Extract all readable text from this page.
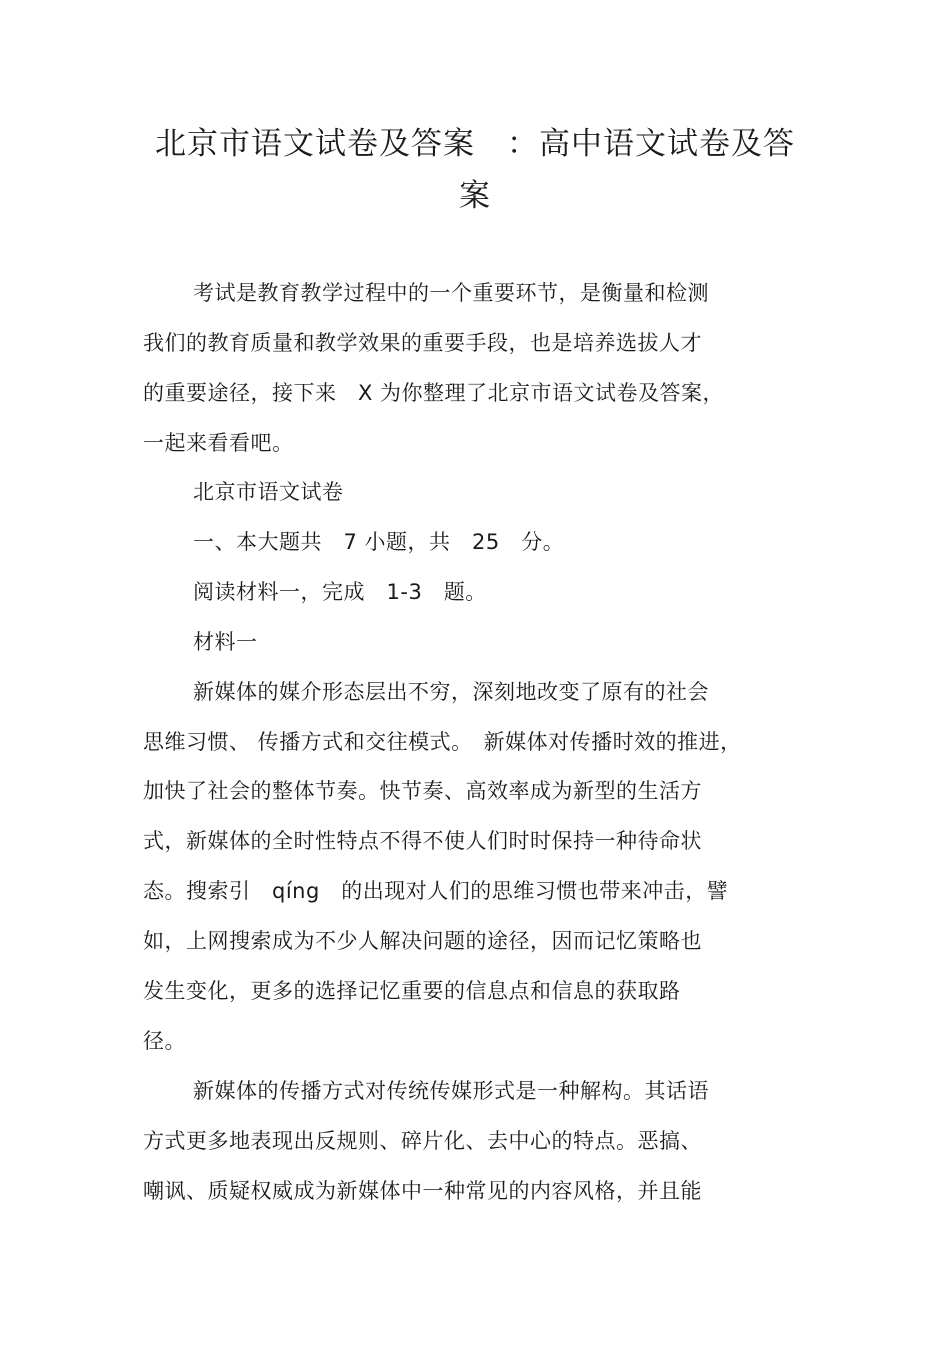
北京市语文试卷及答案　：高中语文试卷及答
案

考试是教育教学过程中的一个重要环节，是衡量和检测

我们的教育质量和教学效果的重要手段，也是培养选拔人才

的重要途径，接下来　X 为你整理了北京市语文试卷及答案，

一起来看看吧。

北京市语文试卷

一、本大题共　7 小题，共　25　分。

阅读材料一，完成　1-3　题。

材料一

新媒体的媒介形态层出不穷，深刻地改变了原有的社会

思维习惯、 传播方式和交往模式。　新媒体对传播时效的推进，

加快了社会的整体节奏。快节奏、高效率成为新型的生活方

式，新媒体的全时性特点不得不使人们时时保持一种待命状

态。搜索引　qíng　的出现对人们的思维习惯也带来冲击，譬

如，上网搜索成为不少人解决问题的途径，因而记忆策略也

发生变化，更多的选择记忆重要的信息点和信息的获取路

径。

新媒体的传播方式对传统传媒形式是一种解构。其话语

方式更多地表现出反规则、碎片化、去中心的特点。恶搞、

嘲讽、质疑权威成为新媒体中一种常见的内容风格，并且能
